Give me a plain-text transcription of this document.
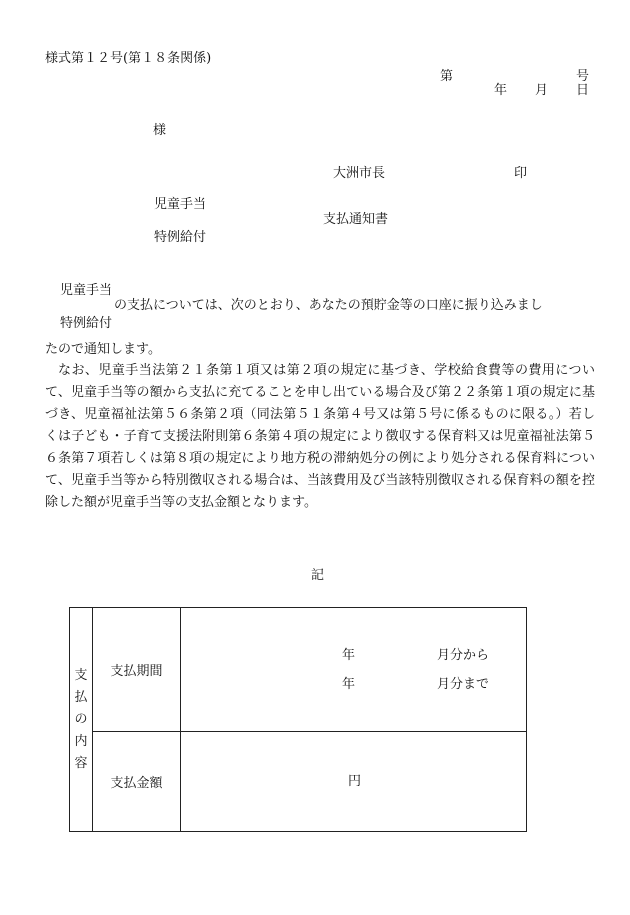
様式第１２号(第１８条関係)
第	号
年 月 日
様
大洲市長	印
児童手当
支払通知書
特例給付
児童手当
の支払については、次のとおり、あなたの預貯金等の口座に振り込みまし
特例給付
たので通知します。

なお、児童手当法第２１条第１項又は第２項の規定に基づき、学校給食費等の費用について、児童手当等の額から支払に充てることを申し出ている場合及び第２２条第１項の規定に基づき、児童福祉法第５６条第２項（同法第５１条第４号又は第５号に係るものに限る。）若しくは子ども・子育て支援法附則第６条第４項の規定により徴収する保育料又は児童福祉法第５６条第７項若しくは第８項の規定により地方税の滞納処分の例により処分される保育料について、児童手当等から特別徴収される場合は、当該費用及び当該特別徴収される保育料の額を控除した額が児童手当等の支払金額となります。

記
支
払
の
内
容	支払期間	年 月分から
年 月分まで

	支払金額	円
